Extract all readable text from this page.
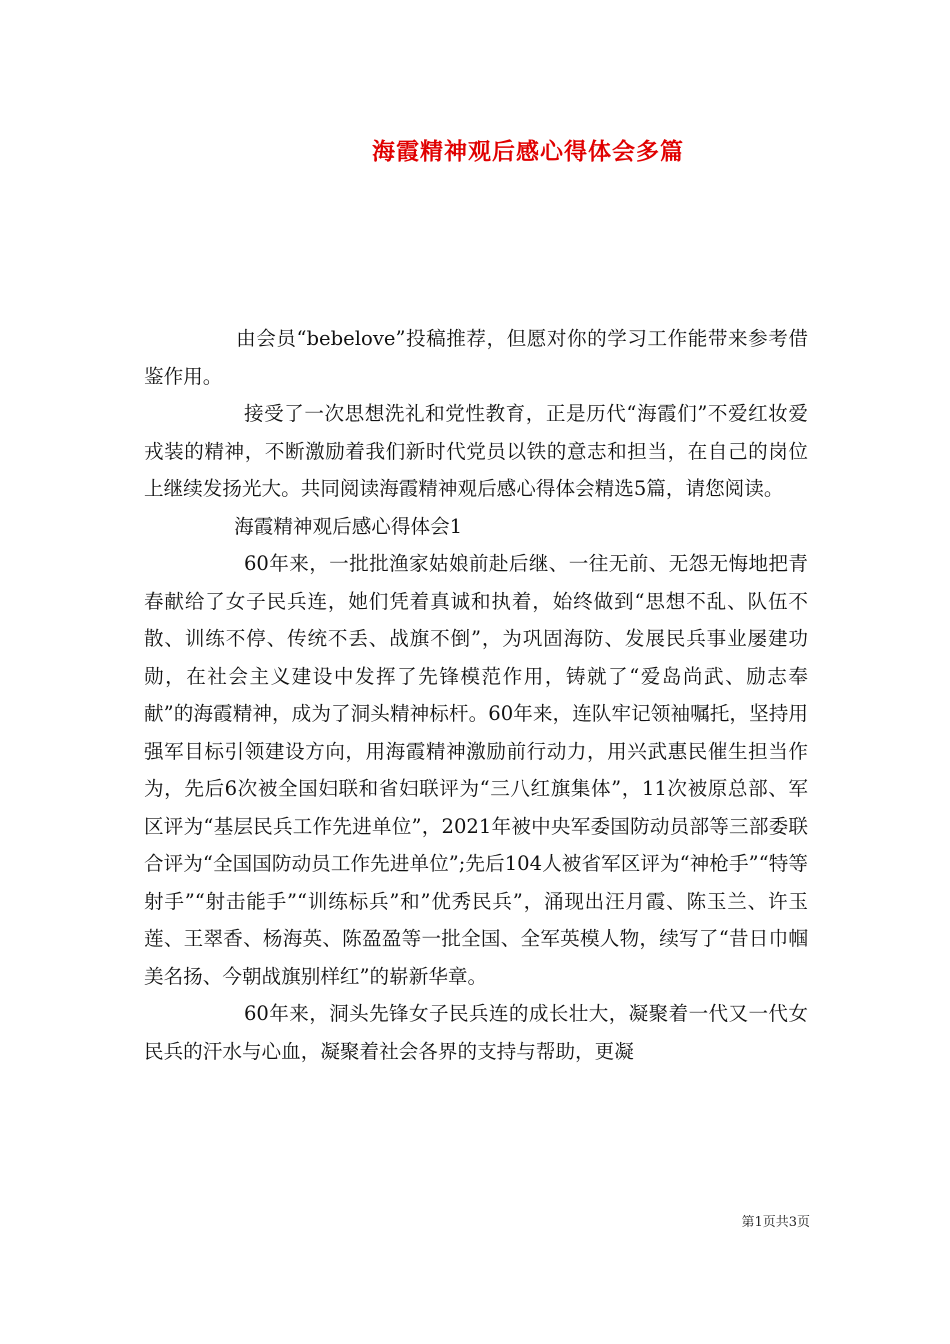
海霞精神观后感心得体会多篇

由会员“bebelove”投稿推荐，但愿对你的学习工作能带来参考借鉴作用。

接受了一次思想洗礼和党性教育，正是历代“海霞们”不爱红妆爱戎装的精神，不断激励着我们新时代党员以铁的意志和担当，在自己的岗位上继续发扬光大。共同阅读海霞精神观后感心得体会精选5篇，请您阅读。

海霞精神观后感心得体会1

60年来，一批批渔家姑娘前赴后继、一往无前、无怨无悔地把青春献给了女子民兵连，她们凭着真诚和执着，始终做到“思想不乱、队伍不散、训练不停、传统不丢、战旗不倒”，为巩固海防、发展民兵事业屡建功勋，在社会主义建设中发挥了先锋模范作用，铸就了“爱岛尚武、励志奉献”的海霞精神，成为了洞头精神标杆。60年来，连队牢记领袖嘱托，坚持用强军目标引领建设方向，用海霞精神激励前行动力，用兴武惠民催生担当作为，先后6次被全国妇联和省妇联评为“三八红旗集体”，11次被原总部、军区评为“基层民兵工作先进单位”，2021年被中央军委国防动员部等三部委联合评为“全国国防动员工作先进单位”;先后104人被省军区评为“神枪手”“特等射手”“射击能手”“训练标兵”和”优秀民兵”，涌现出汪月霞、陈玉兰、许玉莲、王翠香、杨海英、陈盈盈等一批全国、全军英模人物，续写了“昔日巾帼美名扬、今朝战旗别样红”的崭新华章。

60年来，洞头先锋女子民兵连的成长壮大，凝聚着一代又一代女民兵的汗水与心血，凝聚着社会各界的支持与帮助，更凝

第1页共3页
